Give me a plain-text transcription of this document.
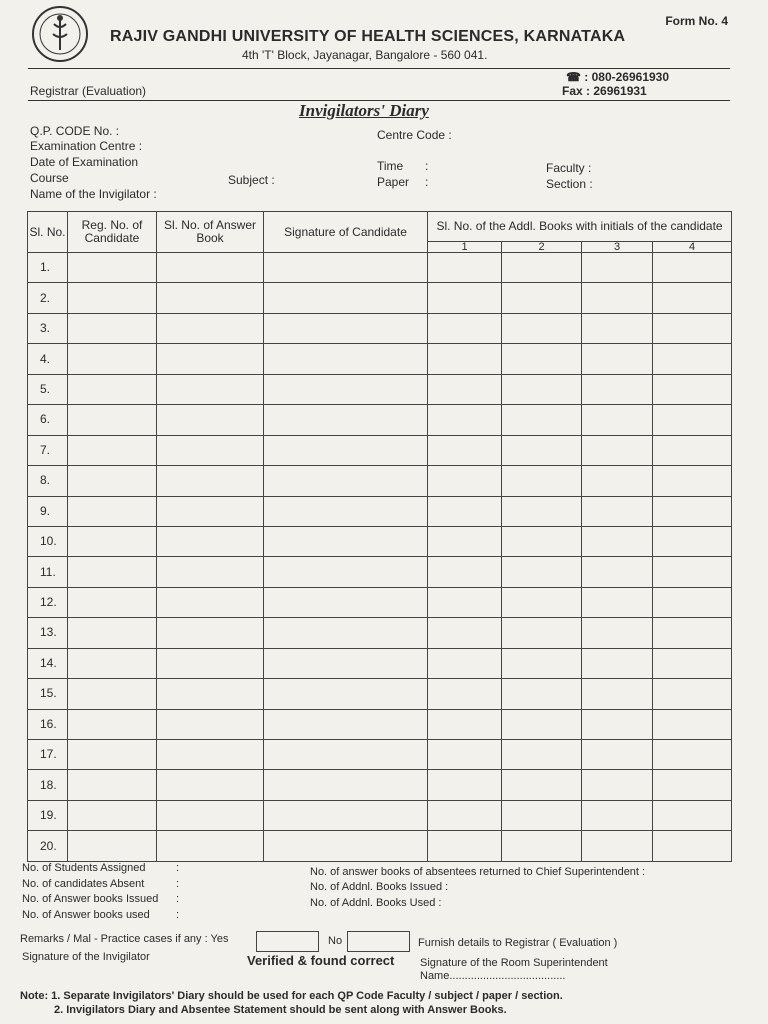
Form No. 4
RAJIV GANDHI UNIVERSITY OF HEALTH SCIENCES, KARNATAKA
4th 'T' Block, Jayanagar, Bangalore - 560 041.
☎ : 080-26961930
Fax : 26961931
Registrar (Evaluation)
Invigilators' Diary
Q.P. CODE No. :	Centre Code :
Examination Centre :
Date of Examination	Time :	Faculty :
Course	Subject :	Paper :	Section :
Name of the Invigilator :
Sl. No.	Reg. No. of Candidate	Sl. No. of Answer Book	Signature of Candidate	Sl. No. of the Addl. Books with initials of the candidate			
				1	2	3	4
1.							
2.							
3.							
4.							
5.							
6.							
7.							
8.							
9.							
10.							
11.							
12.							
13.							
14.							
15.							
16.							
17.							
18.							
19.							
20.							
No. of Students Assigned	:
No. of candidates Absent	:
No. of Answer books Issued :
No. of Answer books used :
No. of answer books of absentees returned to Chief Superintendent :
No. of Addnl. Books Issued :
No. of Addnl. Books Used :
Remarks / Mal - Practice cases if any : Yes	No	Furnish details to Registrar ( Evaluation )
Signature of the Invigilator	Verified & found correct Signature of the Room Superintendent
Name......................................
Note: 1. Separate Invigilators' Diary should be used for each QP Code Faculty / subject / paper / section.
2. Invigilators Diary and Absentee Statement should be sent along with Answer Books.
